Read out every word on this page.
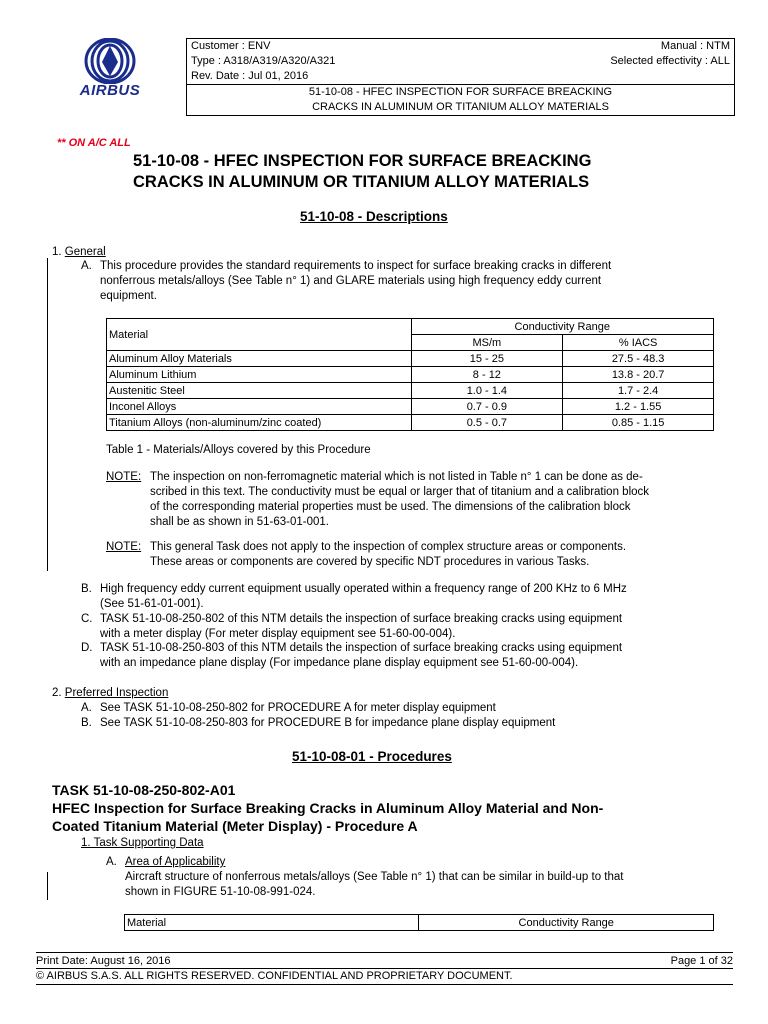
AIRBUS
Customer : ENV	Manual : NTM
Type : A318/A319/A320/A321	Selected effectivity : ALL
Rev. Date : Jul 01, 2016
51-10-08 - HFEC INSPECTION FOR SURFACE BREACKING
CRACKS IN ALUMINUM OR TITANIUM ALLOY MATERIALS
** ON A/C ALL
51-10-08 - HFEC INSPECTION FOR SURFACE BREACKING
CRACKS IN ALUMINUM OR TITANIUM ALLOY MATERIALS
51-10-08 - Descriptions
1. General
A. This procedure provides the standard requirements to inspect for surface breaking cracks in different
nonferrous metals/alloys (See Table n° 1) and GLARE materials using high frequency eddy current
equipment.
Material	Conductivity Range	
	MS/m	% IACS
Aluminum Alloy Materials	15 - 25	27.5 - 48.3
Aluminum Lithium	8 - 12	13.8 - 20.7
Austenitic Steel	1.0 - 1.4	1.7 - 2.4
Inconel Alloys	0.7 - 0.9	1.2 - 1.55
Titanium Alloys (non-aluminum/zinc coated)	0.5 - 0.7	0.85 - 1.15
Table 1 - Materials/Alloys covered by this Procedure
NOTE: The inspection on non-ferromagnetic material which is not listed in Table n° 1 can be done as de-
scribed in this text. The conductivity must be equal or larger that of titanium and a calibration block
of the corresponding material properties must be used. The dimensions of the calibration block
shall be as shown in 51-63-01-001.
NOTE: This general Task does not apply to the inspection of complex structure areas or components.
These areas or components are covered by specific NDT procedures in various Tasks.
B. High frequency eddy current equipment usually operated within a frequency range of 200 KHz to 6 MHz
(See 51-61-01-001).
C. TASK 51-10-08-250-802 of this NTM details the inspection of surface breaking cracks using equipment
with a meter display (For meter display equipment see 51-60-00-004).
D. TASK 51-10-08-250-803 of this NTM details the inspection of surface breaking cracks using equipment
with an impedance plane display (For impedance plane display equipment see 51-60-00-004).
2. Preferred Inspection
A. See TASK 51-10-08-250-802 for PROCEDURE A for meter display equipment
B. See TASK 51-10-08-250-803 for PROCEDURE B for impedance plane display equipment
51-10-08-01 - Procedures
TASK 51-10-08-250-802-A01
HFEC Inspection for Surface Breaking Cracks in Aluminum Alloy Material and Non-
Coated Titanium Material (Meter Display) - Procedure A
1. Task Supporting Data
A. Area of Applicability
Aircraft structure of nonferrous metals/alloys (See Table n° 1) that can be similar in build-up to that
shown in FIGURE 51-10-08-991-024.
Material	Conductivity Range
Print Date: August 16, 2016	Page 1 of 32
© AIRBUS S.A.S. ALL RIGHTS RESERVED. CONFIDENTIAL AND PROPRIETARY DOCUMENT.
